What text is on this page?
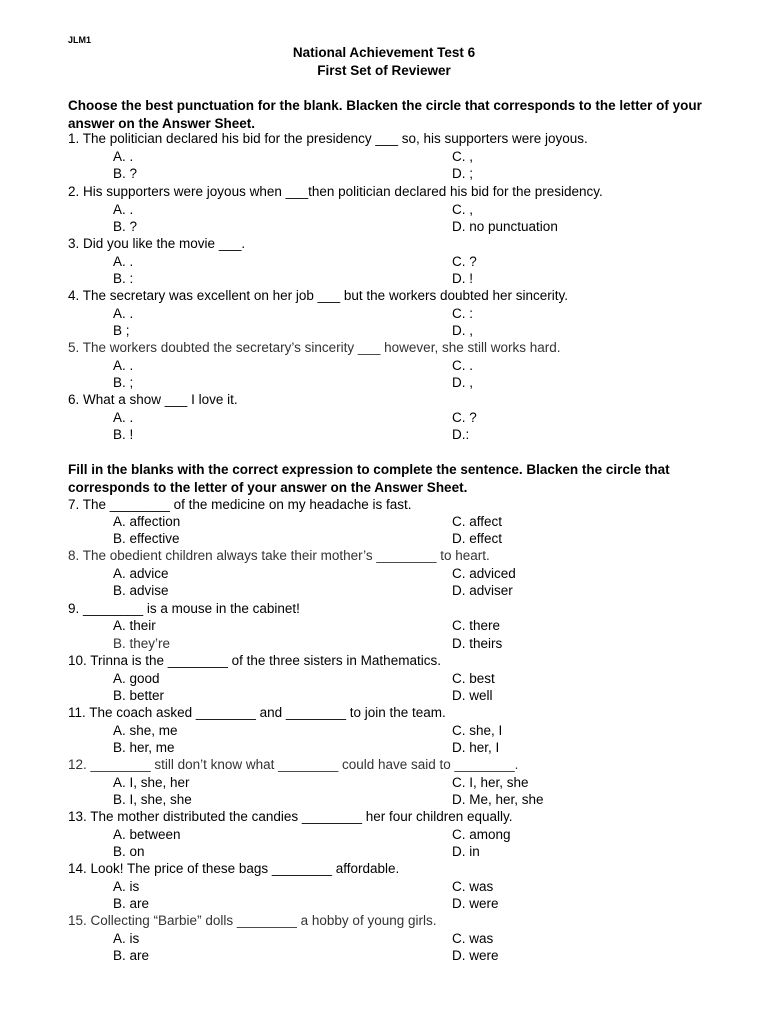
JLM1
National Achievement Test 6
First Set of Reviewer
Choose the best punctuation for the blank. Blacken the circle that corresponds to the letter of your answer on the Answer Sheet.
1. The politician declared his bid for the presidency ___ so, his supporters were joyous.
A. .	C. ,
B. ?	D. ;
2. His supporters were joyous when ___then politician declared his bid for the presidency.
A. .	C. ,
B. ?	D. no punctuation
3. Did you like the movie ___.
A. .	C. ?
B. :	D. !
4. The secretary was excellent on her job ___ but the workers doubted her sincerity.
A. .	C. :
B ;	D. ,
5. The workers doubted the secretary’s sincerity ___ however, she still works hard.
A. .	C. .
B. ;	D. ,
6. What a show ___ I love it.
A. .	C. ?
B. !	D.:
Fill in the blanks with the correct expression to complete the sentence. Blacken the circle that corresponds to the letter of your answer on the Answer Sheet.
7. The ________ of the medicine on my headache is fast.
A. affection	C. affect
B. effective	D. effect
8. The obedient children always take their mother’s ________ to heart.
A. advice	C. adviced
B. advise	D. adviser
9. ________ is a mouse in the cabinet!
A. their	C. there
B. they’re	D. theirs
10. Trinna is the ________ of the three sisters in Mathematics.
A. good	C. best
B. better	D. well
11. The coach asked ________ and ________ to join the team.
A. she, me	C. she, I
B. her, me	D. her, I
12. ________ still don’t know what ________ could have said to ________.
A. I, she, her	C. I, her, she
B. I, she, she	D. Me, her, she
13. The mother distributed the candies ________ her four children equally.
A. between	C. among
B. on	D. in
14. Look! The price of these bags ________ affordable.
A. is	C. was
B. are	D. were
15. Collecting “Barbie” dolls ________ a hobby of young girls.
A. is	C. was
B. are	D. were
